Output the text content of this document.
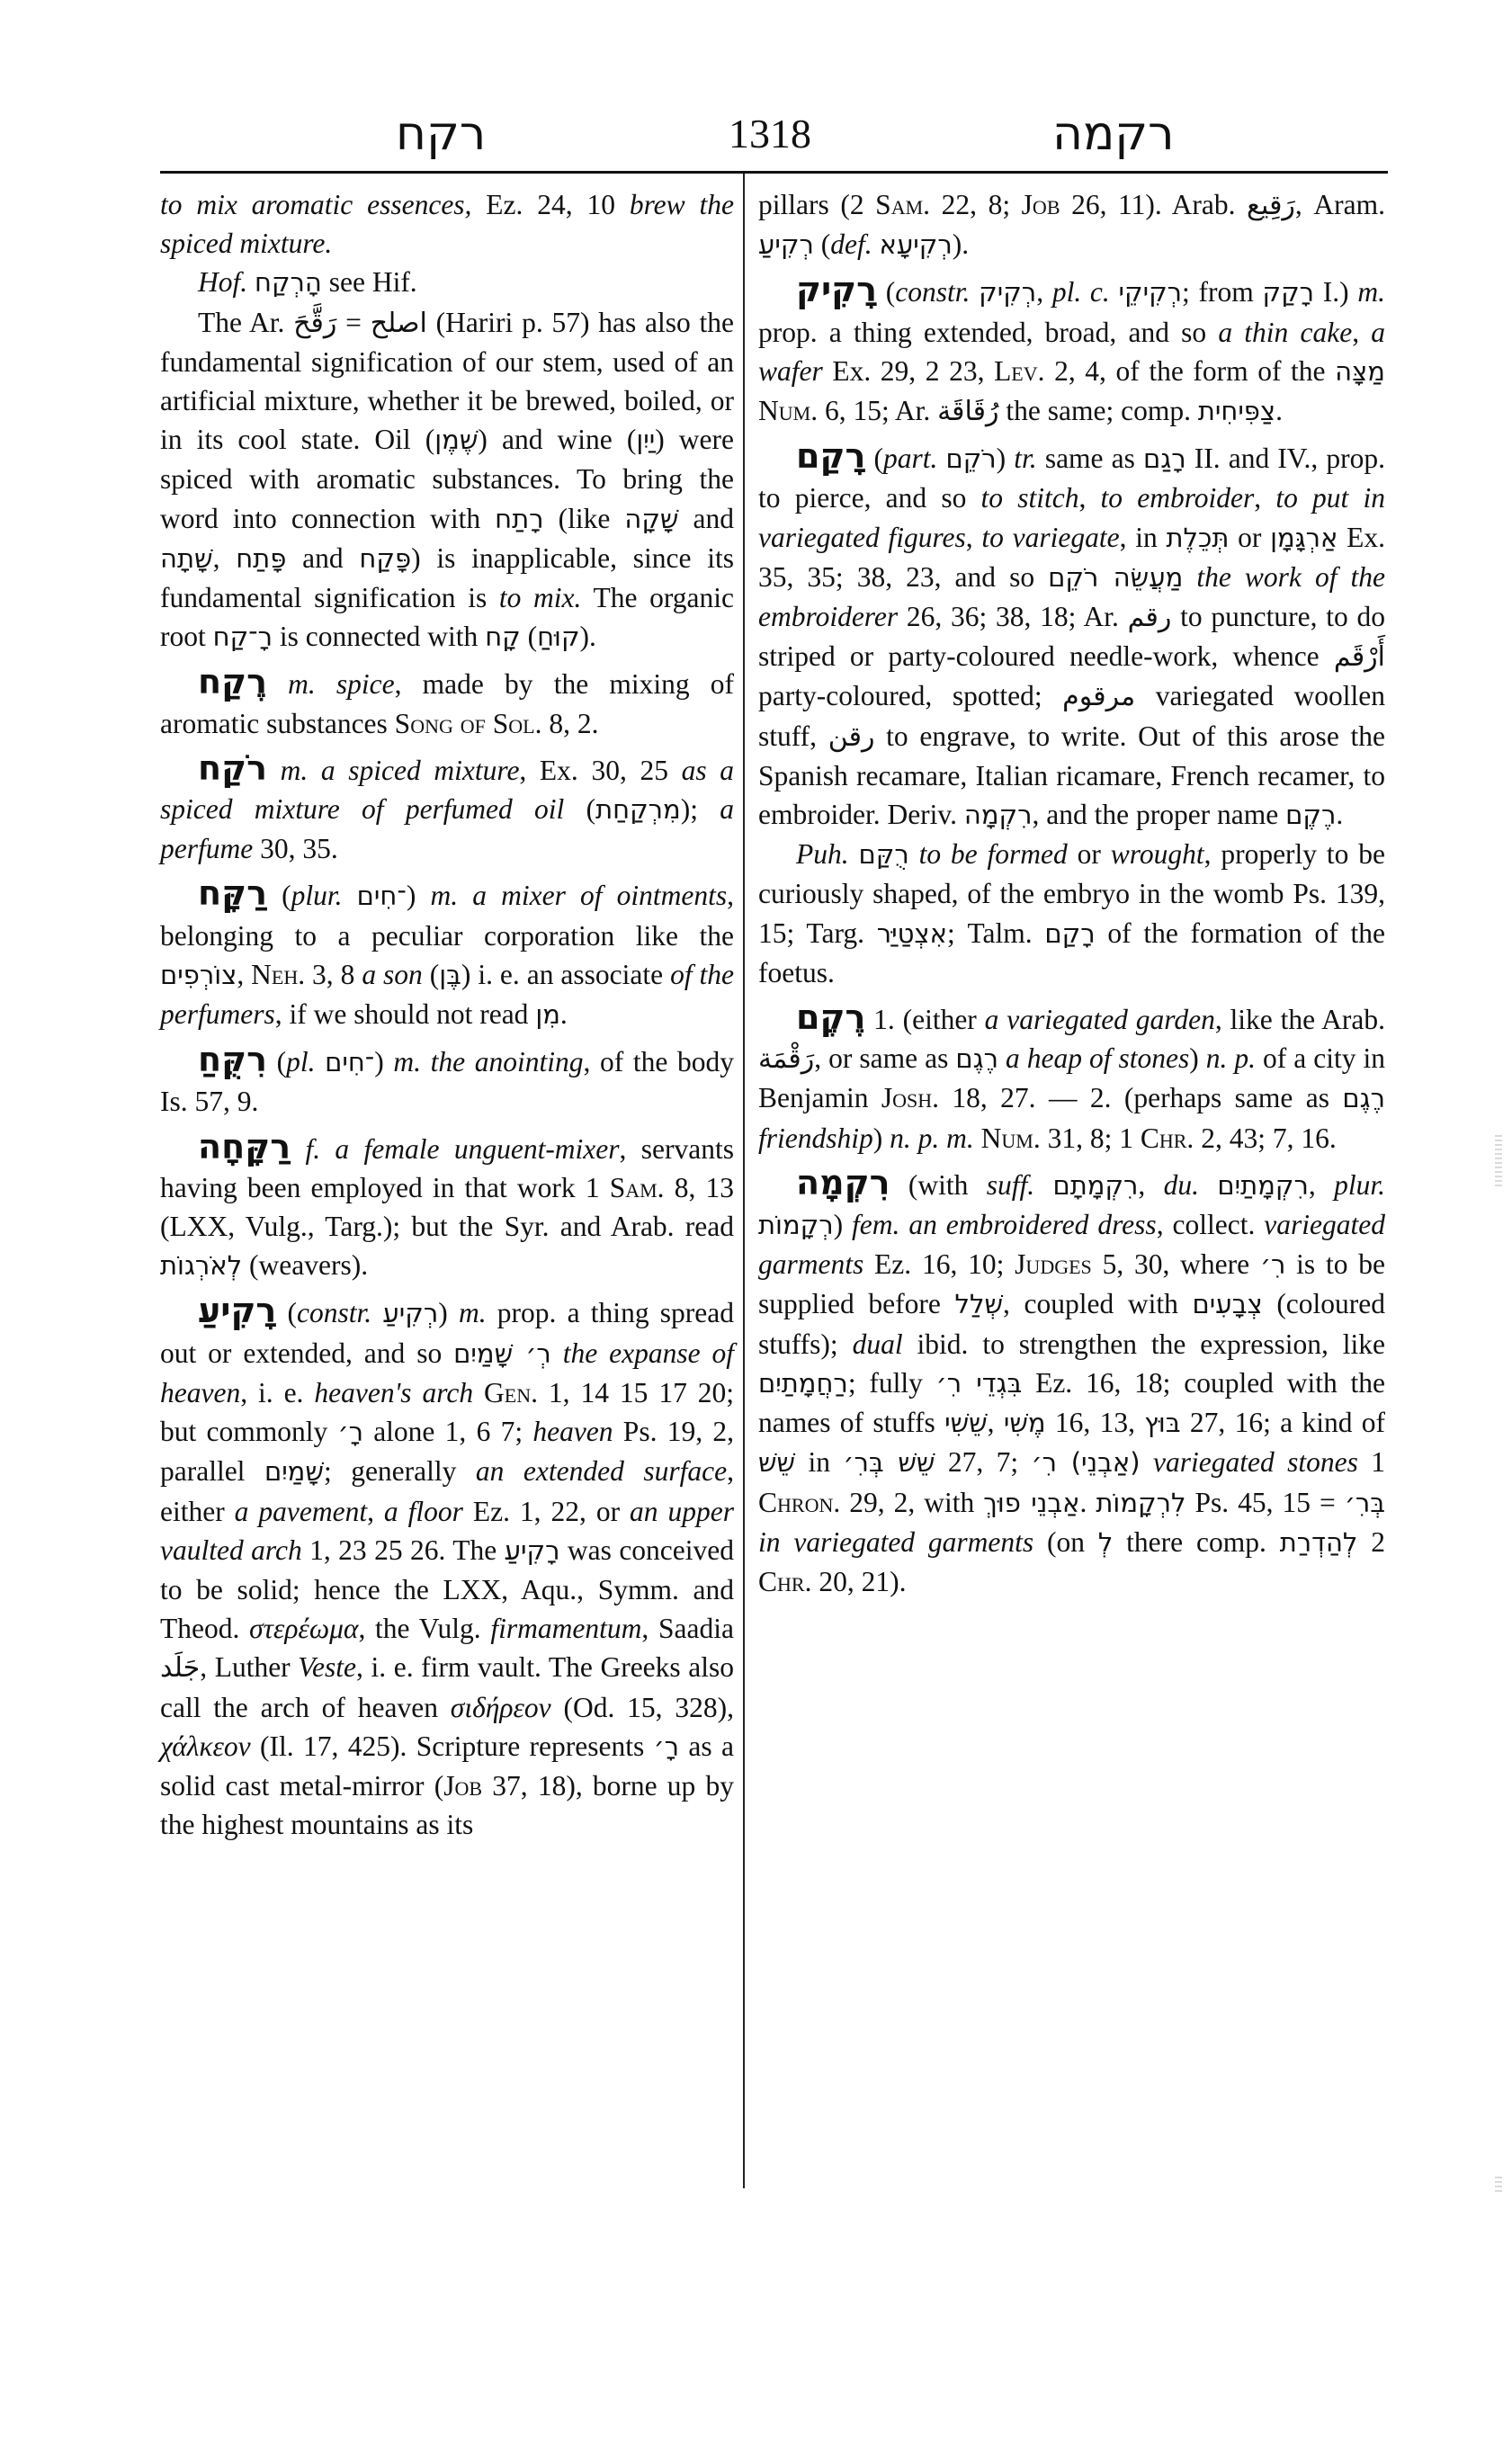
רקח	1318	רקמה

to mix aromatic essences, Ez. 24, 10 brew the spiced mixture.

Hof. הָרְקַח see Hif.

The Ar. رَقَّحَ = اصلح (Hariri p. 57) has also the fundamental signification of our stem, used of an artificial mixture, whether it be brewed, boiled, or in its cool state. Oil (שֶׁמֶן) and wine (יַיִן) were spiced with aromatic substances. To bring the word into connection with רָתַח (like שָׁקָה and שָׁתָה, פָּתַח and פָּקַח) is inapplicable, since its fundamental signification is to mix. The organic root רָ־קַח is connected with קָח (קוּחַ).

רֶקַח m. spice, made by the mixing of aromatic substances Song of Sol. 8, 2.

רֹקַח m. a spiced mixture, Ex. 30, 25 as a spiced mixture of perfumed oil (מִרְקַחַת); a perfume 30, 35.

רַקָּח (plur. ־חִים) m. a mixer of ointments, belonging to a peculiar corporation like the צוֹרְפִים, Neh. 3, 8 a son (בֶּן) i. e. an associate of the perfumers, if we should not read מִן.

רִקֻּחַ (pl. ־חִים) m. the anointing, of the body Is. 57, 9.

רַקָּחָה f. a female unguent-mixer, servants having been employed in that work 1 Sam. 8, 13 (LXX, Vulg., Targ.); but the Syr. and Arab. read לְאֹרְגוֹת (weavers).

רָקִיעַ (constr. רְקִיעַ) m. prop. a thing spread out or extended, and so רְ׳ שָׁמַיִם the expanse of heaven, i. e. heaven's arch Gen. 1, 14 15 17 20; but commonly רָ׳ alone 1, 6 7; heaven Ps. 19, 2, parallel שָׁמַיִם; generally an extended surface, either a pavement, a floor Ez. 1, 22, or an upper vaulted arch 1, 23 25 26. The רָקִיעַ was conceived to be solid; hence the LXX, Aqu., Symm. and Theod. στερέωμα, the Vulg. firmamentum, Saadia جَلَد, Luther Veste, i. e. firm vault. The Greeks also call the arch of heaven σιδήρεον (Od. 15, 328), χάλκεον (Il. 17, 425). Scripture represents רָ׳ as a solid cast metal-mirror (Job 37, 18), borne up by the highest mountains as its

pillars (2 Sam. 22, 8; Job 26, 11). Arab. رَقِيع, Aram. רְקִיעַ (def. רְקִיעָא).

רָקִיק (constr. רְקִיק, pl. c. רְקִיקֵי; from רָקַק I.) m. prop. a thing extended, broad, and so a thin cake, a wafer Ex. 29, 2 23, Lev. 2, 4, of the form of the מַצָּה Num. 6, 15; Ar. رُقَاقَة the same; comp. צַפִּיחִית.

רָקַם (part. רֹקֵם) tr. same as רָגַם II. and IV., prop. to pierce, and so to stitch, to embroider, to put in variegated figures, to variegate, in תְּכֵלֶת or אַרְגָּמָן Ex. 35, 35; 38, 23, and so מַעֲשֵׂה רֹקֵם the work of the embroiderer 26, 36; 38, 18; Ar. رقم to puncture, to do striped or party-coloured needle-work, whence أَرْقَم party-coloured, spotted; مرقوم variegated woollen stuff, رقن to engrave, to write. Out of this arose the Spanish recamare, Italian ricamare, French recamer, to embroider. Deriv. רִקְמָה, and the proper name רֶקֶם.

Puh. רֻקַּם to be formed or wrought, properly to be curiously shaped, of the embryo in the womb Ps. 139, 15; Targ. אִצְטַיַּר; Talm. רָקַם of the formation of the foetus.

רֶקֶם 1. (either a variegated garden, like the Arab. رَقْمَة, or same as רֶגֶם a heap of stones) n. p. of a city in Benjamin Josh. 18, 27. — 2. (perhaps same as רֶגֶם friendship) n. p. m. Num. 31, 8; 1 Chr. 2, 43; 7, 16.

רִקְמָה (with suff. רִקְמָתָם, du. רִקְמָתַיִם, plur. רְקָמוֹת) fem. an embroidered dress, collect. variegated garments Ez. 16, 10; Judges 5, 30, where רִ׳ is to be supplied before שְׁלַל, coupled with צְבָעִים (coloured stuffs); dual ibid. to strengthen the expression, like רַחֲמָתַיִם; fully בִּגְדֵי רִ׳ Ez. 16, 18; coupled with the names of stuffs שֵׁשִׁי, מֶשִׁי 16, 13, בּוּץ 27, 16; a kind of שֵׁשׁ in שֵׁשׁ בְּרִ׳ 27, 7; (אַבְנֵי) רִ׳ variegated stones 1 Chron. 29, 2, with אַבְנֵי פוּךְ. לִרְקָמוֹת Ps. 45, 15 = בְּרִ׳ in variegated garments (on לְ there comp. לְהַדְרַת 2 Chr. 20, 21).
